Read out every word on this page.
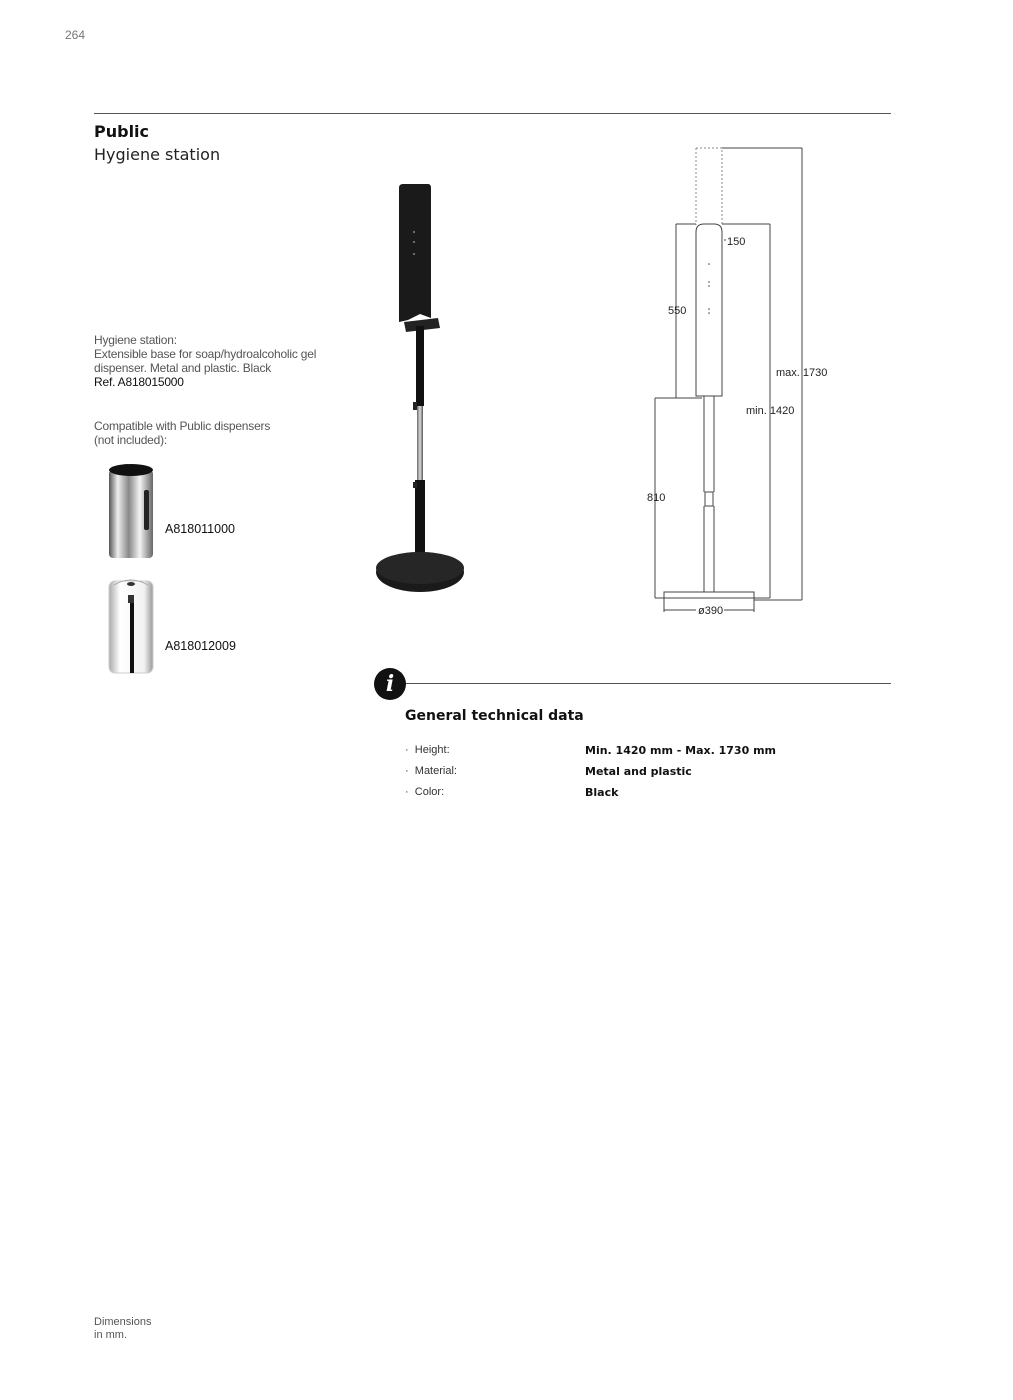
264
Public
Hygiene station
Hygiene station:
Extensible base for soap/hydroalcoholic gel
dispenser. Metal and plastic. Black
Ref. A818015000
Compatible with Public dispensers
(not included):
A818011000
A818012009
150
550
max. 1730
min. 1420
810
ø390
i
General technical data
·  Height:	Min. 1420 mm - Max. 1730 mm
·  Material:	Metal and plastic
·  Color:	Black
Dimensions
in mm.
